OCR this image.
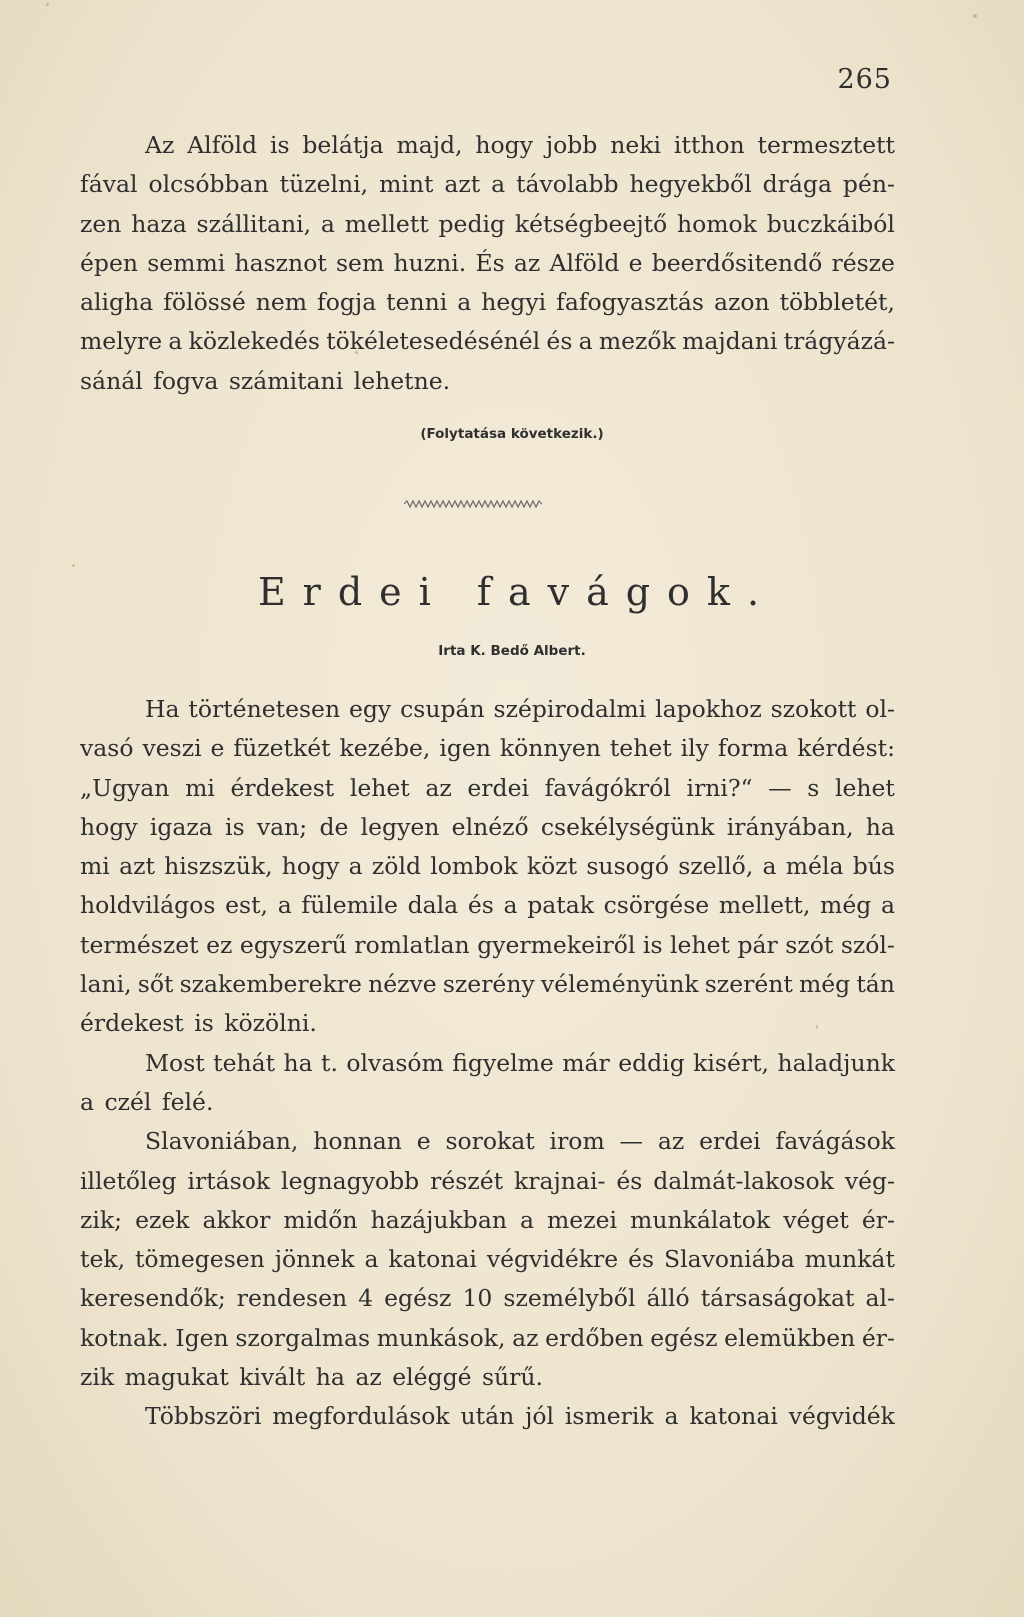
265
Az Alföld is belátja majd, hogy jobb neki itthon termesztett
fával olcsóbban tüzelni, mint azt a távolabb hegyekből drága pén-
zen haza szállitani, a mellett pedig kétségbeejtő homok buczkáiból
épen semmi hasznot sem huzni. És az Alföld e beerdősitendő része
aligha fölössé nem fogja tenni a hegyi fafogyasztás azon többletét,
melyre a közlekedés tökéletesedésénél és a mezők majdani trágyázá-
sánál fogva számitani lehetne.
(Folytatása következik.)
Erdei favágok.
Irta K. Bedő Albert.
Ha történetesen egy csupán szépirodalmi lapokhoz szokott ol-
vasó veszi e füzetkét kezébe, igen könnyen tehet ily forma kérdést:
„Ugyan mi érdekest lehet az erdei favágókról irni?“ — s lehet
hogy igaza is van; de legyen elnéző csekélységünk irányában, ha
mi azt hiszszük, hogy a zöld lombok közt susogó szellő, a méla bús
holdvilágos est, a fülemile dala és a patak csörgése mellett, még a
természet ez egyszerű romlatlan gyermekeiről is lehet pár szót szól-
lani, sőt szakemberekre nézve szerény véleményünk szerént még tán
érdekest is közölni.
Most tehát ha t. olvasóm figyelme már eddig kisért, haladjunk
a czél felé.
Slavoniában, honnan e sorokat irom — az erdei favágások
illetőleg irtások legnagyobb részét krajnai- és dalmát-lakosok vég-
zik; ezek akkor midőn hazájukban a mezei munkálatok véget ér-
tek, tömegesen jönnek a katonai végvidékre és Slavoniába munkát
keresendők; rendesen 4 egész 10 személyből álló társaságokat al-
kotnak. Igen szorgalmas munkások, az erdőben egész elemükben ér-
zik magukat kivált ha az eléggé sűrű.
Többszöri megfordulások után jól ismerik a katonai végvidék
